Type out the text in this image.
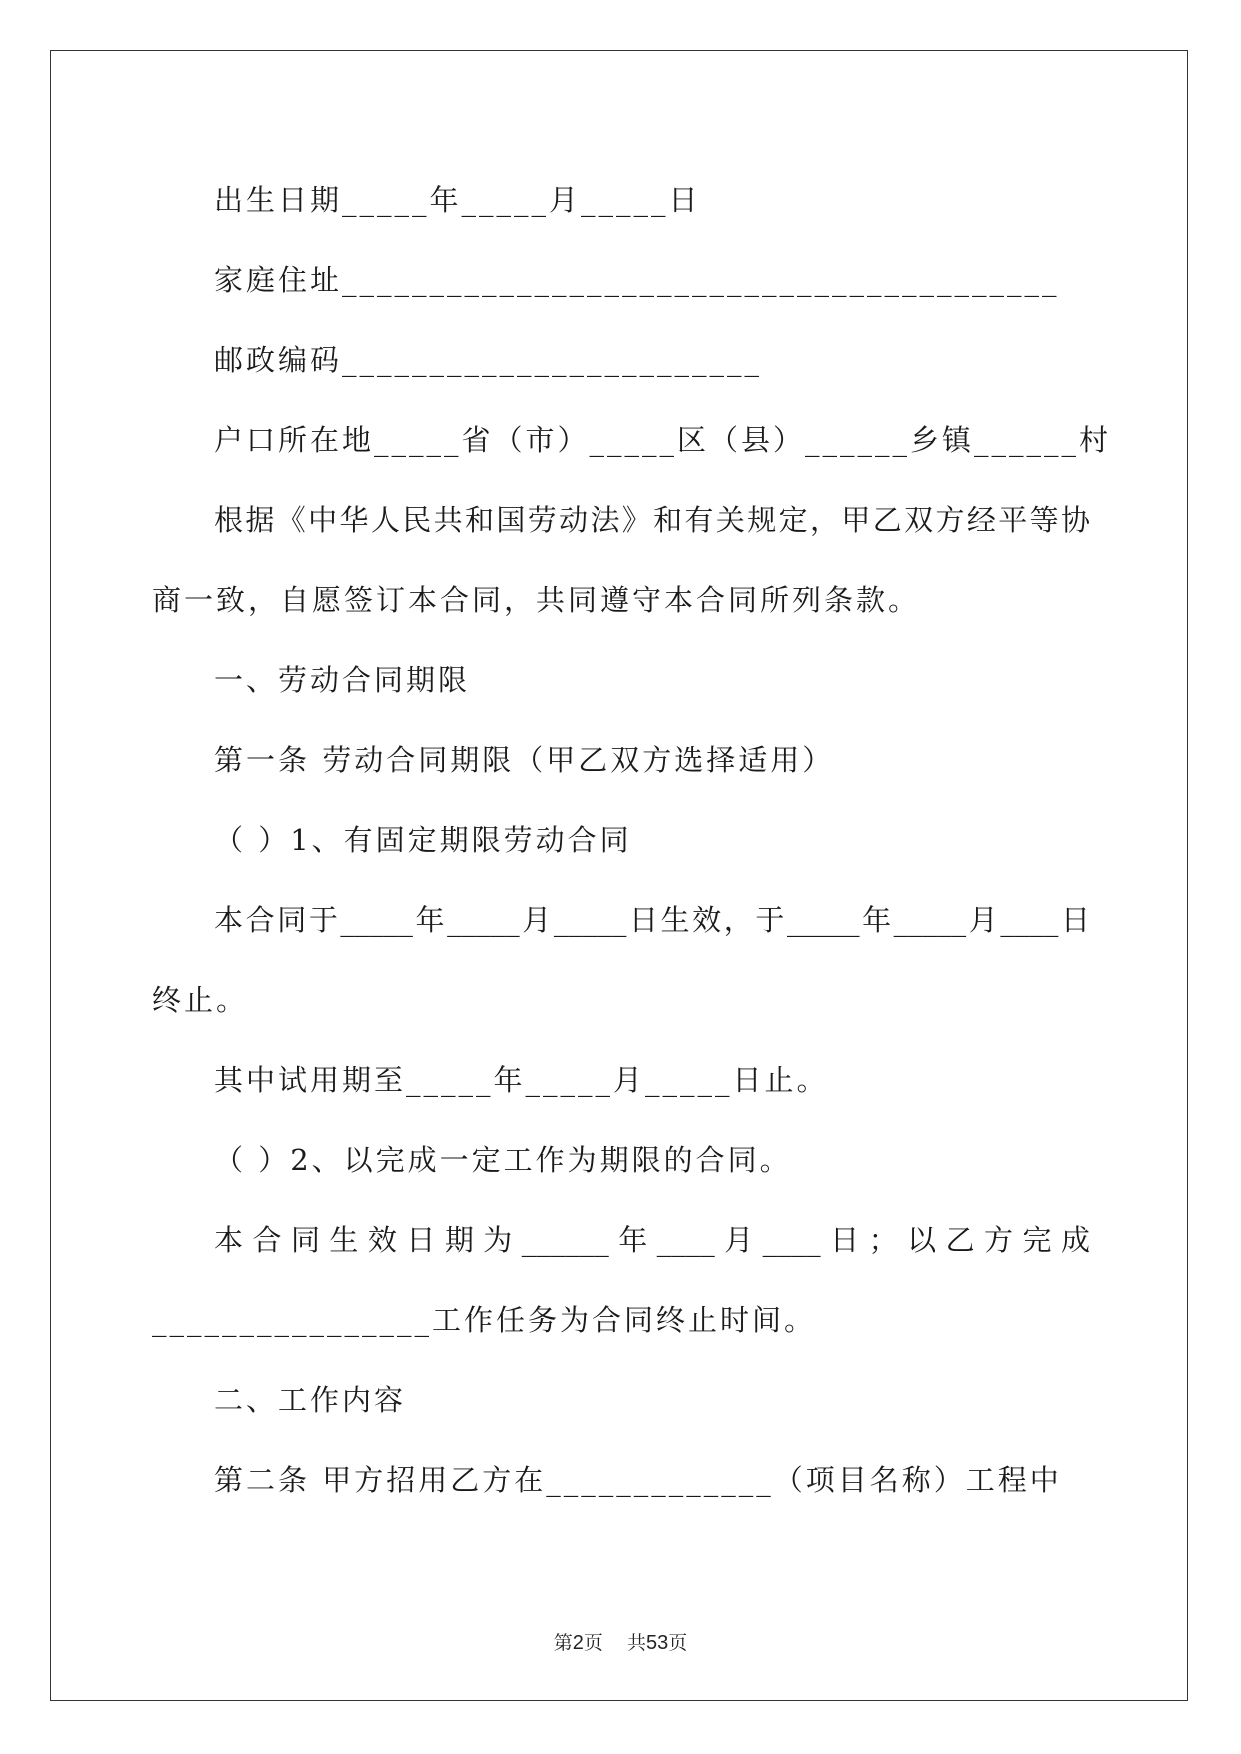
出生日期_____年_____月_____日
家庭住址_________________________________________
邮政编码________________________
户口所在地_____省（市）_____区（县）______乡镇______村
根据《中华人民共和国劳动法》和有关规定，甲乙双方经平等协
商一致，自愿签订本合同，共同遵守本合同所列条款。
一、劳动合同期限
第一条 劳动合同期限（甲乙双方选择适用）
（ ）1、有固定期限劳动合同
本合同于_____年_____月_____日生效，于_____年_____月____日
终止。
其中试用期至_____年_____月_____日止。
（ ）2、以完成一定工作为期限的合同。
本合同生效日期为______年____月____日；以乙方完成
________________工作任务为合同终止时间。
二、工作内容
第二条 甲方招用乙方在_____________（项目名称）工程中
第2页 共53页
